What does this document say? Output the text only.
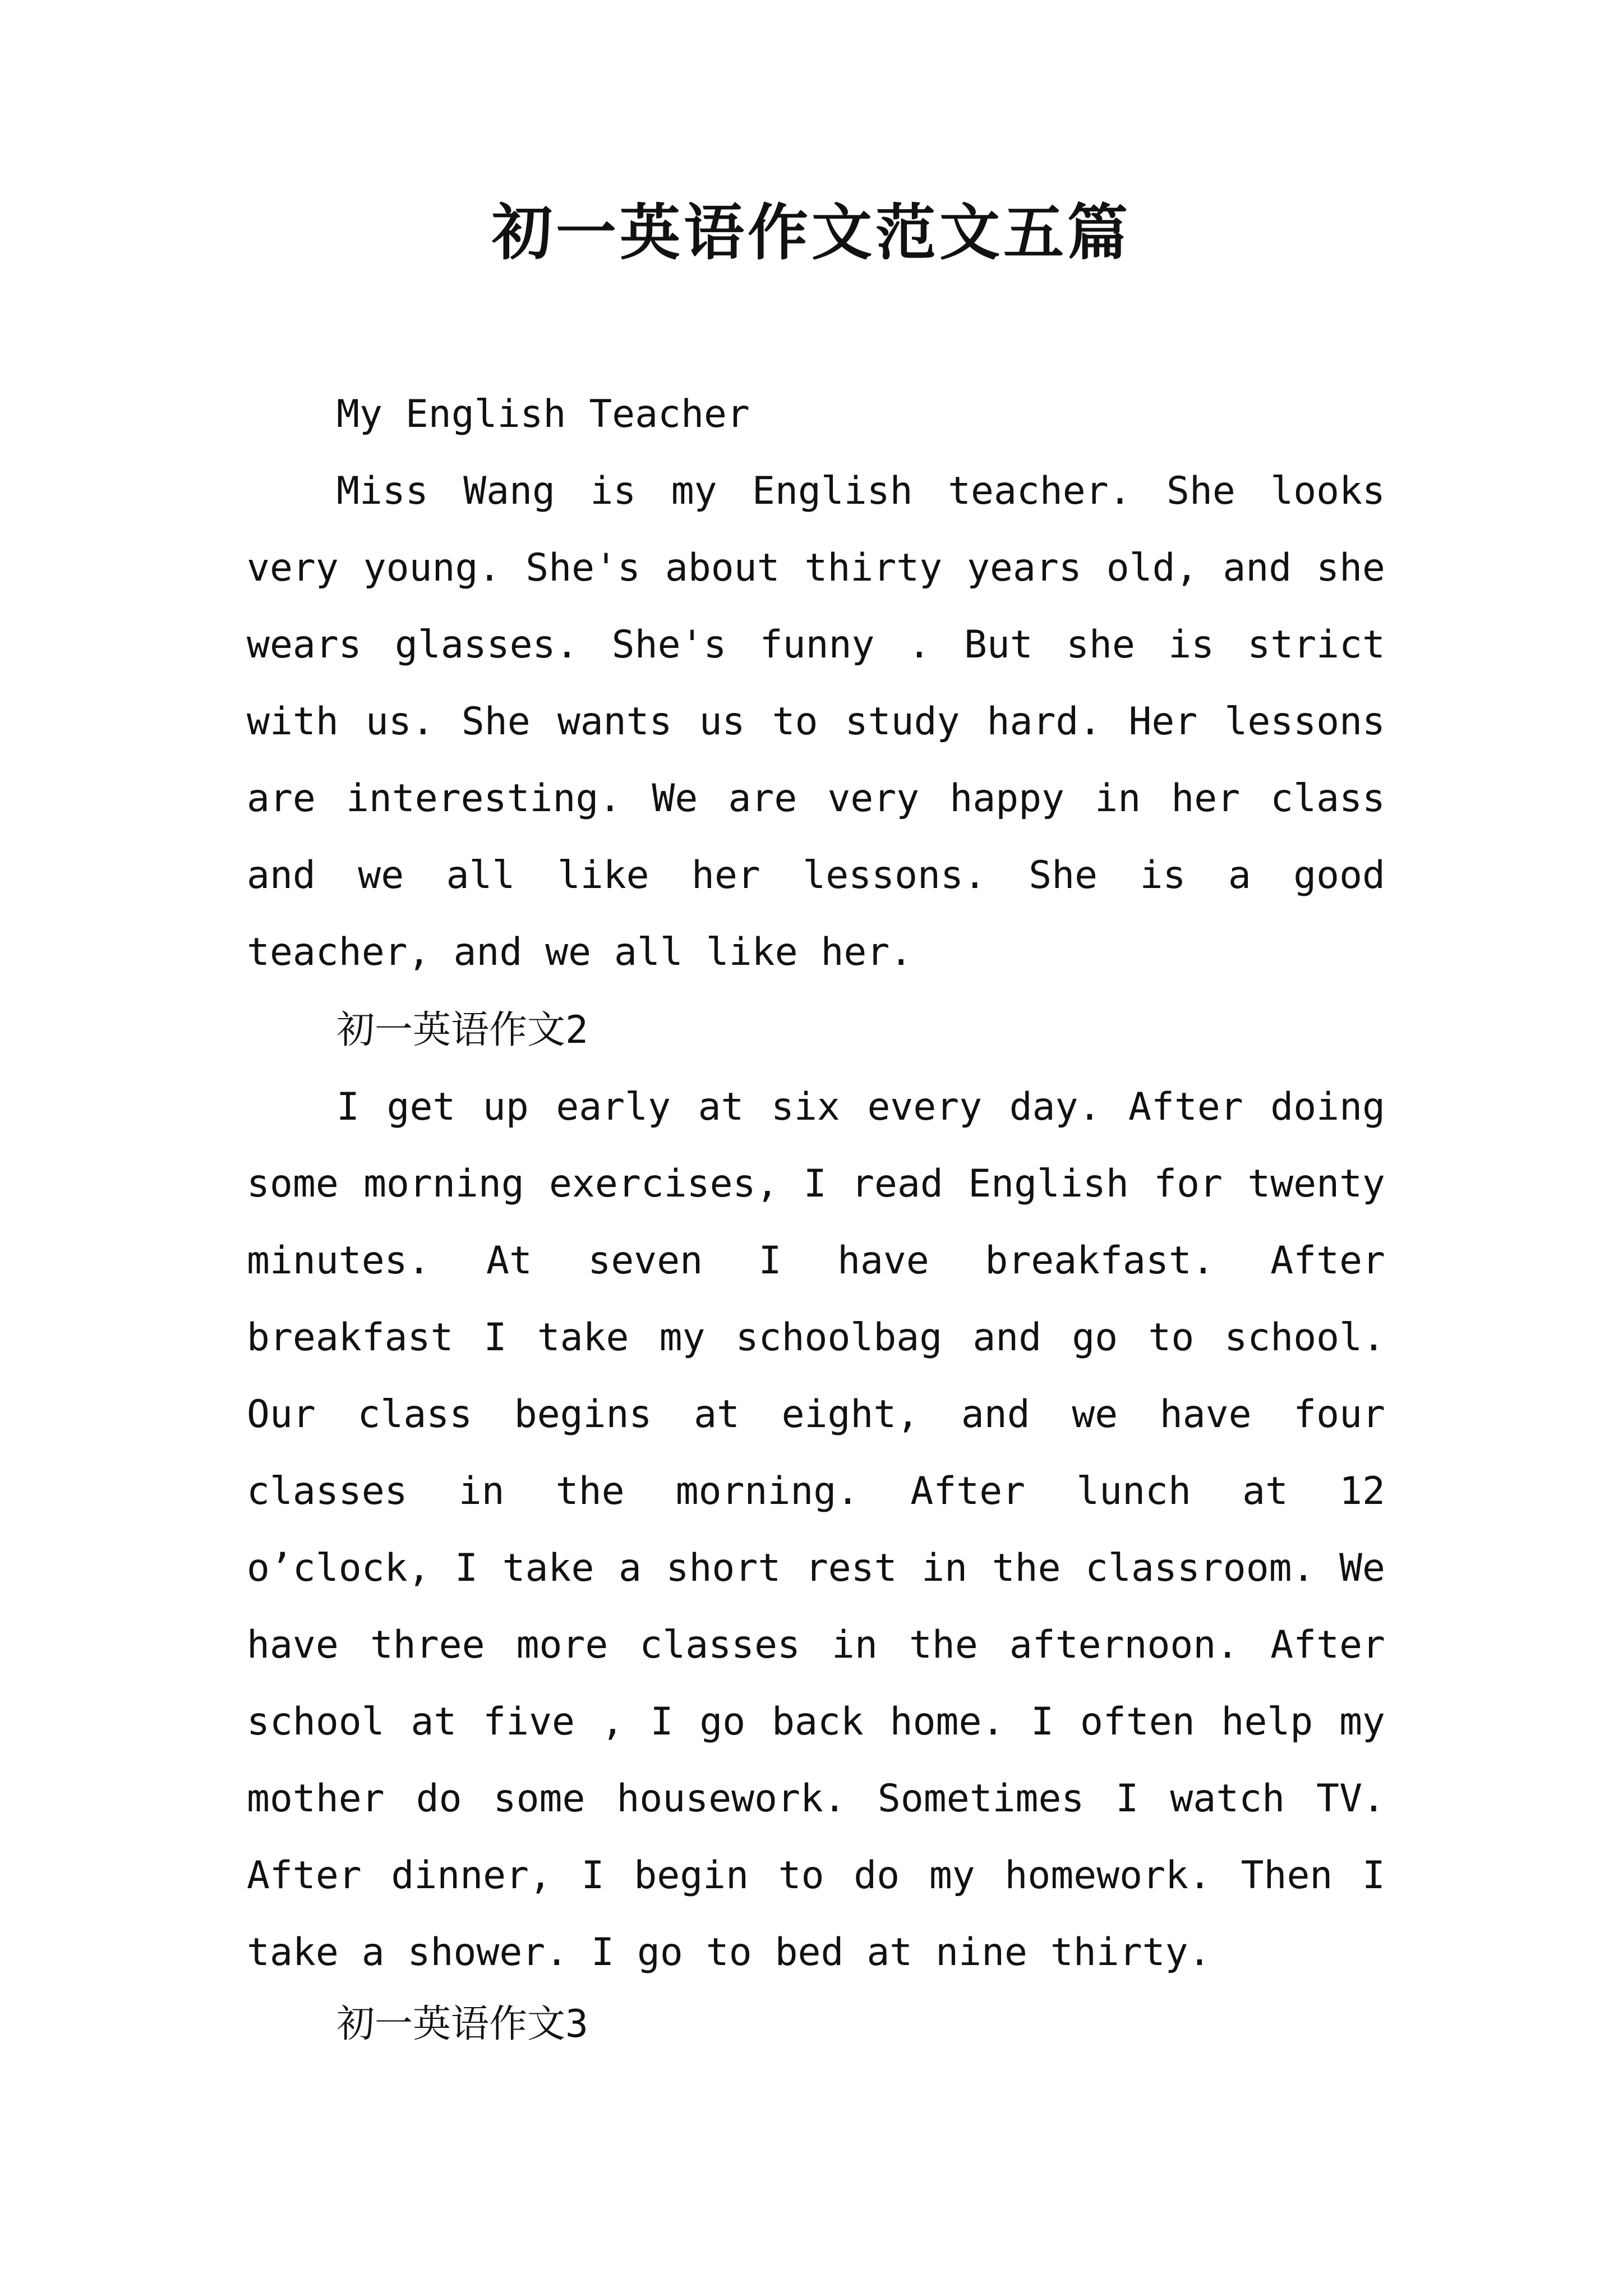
初一英语作文范文五篇

My English Teacher

Miss Wang is my English teacher. She looks very young. She's about thirty years old, and she wears glasses. She's funny . But she is strict with us. She wants us to study hard. Her lessons are interesting. We are very happy in her class and we all like her lessons. She is a good teacher, and we all like her.

初一英语作文2

I get up early at six every day. After doing some morning exercises, I read English for twenty minutes. At seven I have breakfast. After breakfast I take my schoolbag and go to school. Our class begins at eight, and we have four classes in the morning. After lunch at 12 o’clock, I take a short rest in the classroom. We have three more classes in the afternoon. After school at five , I go back home. I often help my mother do some housework. Sometimes I watch TV. After dinner, I begin to do my homework. Then I take a shower. I go to bed at nine thirty.

初一英语作文3
